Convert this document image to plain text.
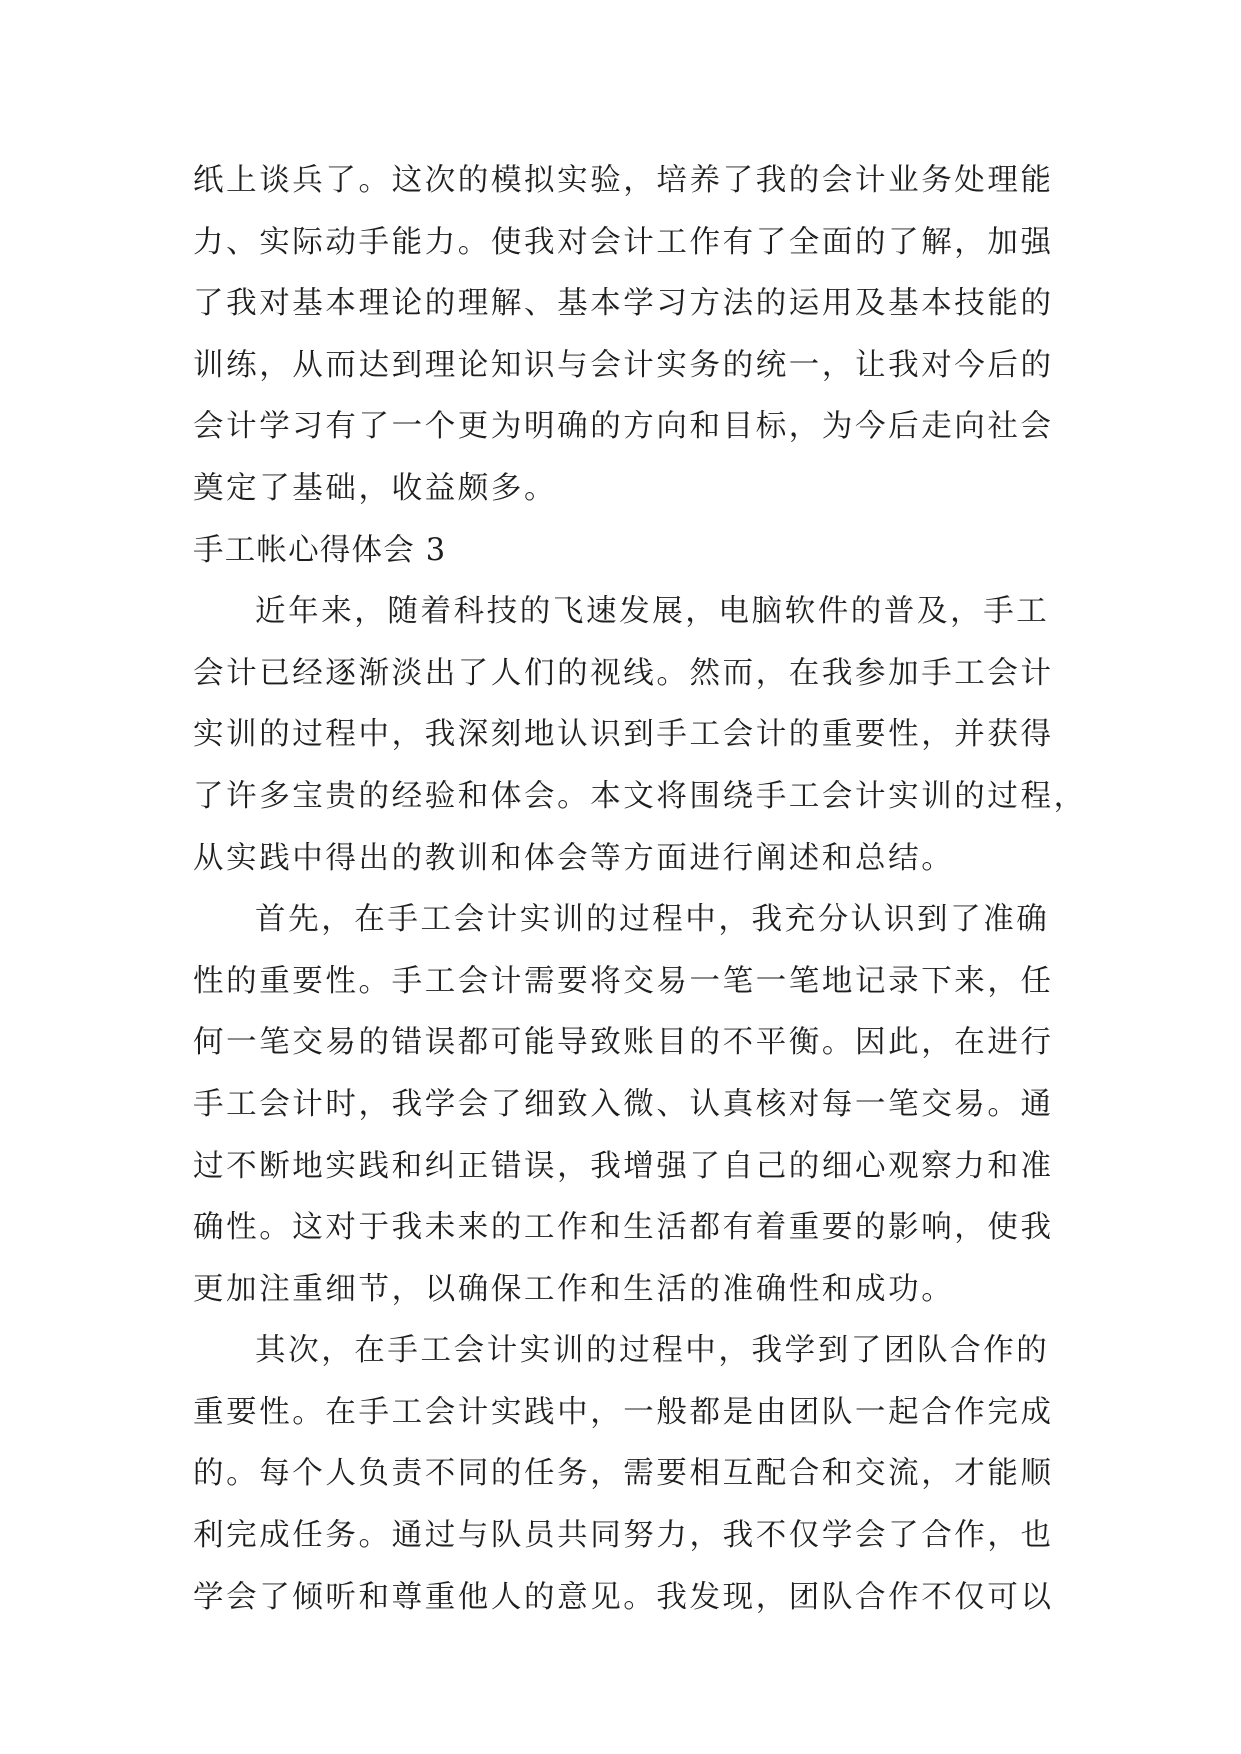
纸上谈兵了。这次的模拟实验，培养了我的会计业务处理能
力、实际动手能力。使我对会计工作有了全面的了解，加强
了我对基本理论的理解、基本学习方法的运用及基本技能的
训练，从而达到理论知识与会计实务的统一，让我对今后的
会计学习有了一个更为明确的方向和目标，为今后走向社会
奠定了基础，收益颇多。
手工帐心得体会 3
近年来，随着科技的飞速发展，电脑软件的普及，手工
会计已经逐渐淡出了人们的视线。然而，在我参加手工会计
实训的过程中，我深刻地认识到手工会计的重要性，并获得
了许多宝贵的经验和体会。本文将围绕手工会计实训的过程，
从实践中得出的教训和体会等方面进行阐述和总结。
首先，在手工会计实训的过程中，我充分认识到了准确
性的重要性。手工会计需要将交易一笔一笔地记录下来，任
何一笔交易的错误都可能导致账目的不平衡。因此，在进行
手工会计时，我学会了细致入微、认真核对每一笔交易。通
过不断地实践和纠正错误，我增强了自己的细心观察力和准
确性。这对于我未来的工作和生活都有着重要的影响，使我
更加注重细节，以确保工作和生活的准确性和成功。
其次，在手工会计实训的过程中，我学到了团队合作的
重要性。在手工会计实践中，一般都是由团队一起合作完成
的。每个人负责不同的任务，需要相互配合和交流，才能顺
利完成任务。通过与队员共同努力，我不仅学会了合作，也
学会了倾听和尊重他人的意见。我发现，团队合作不仅可以
